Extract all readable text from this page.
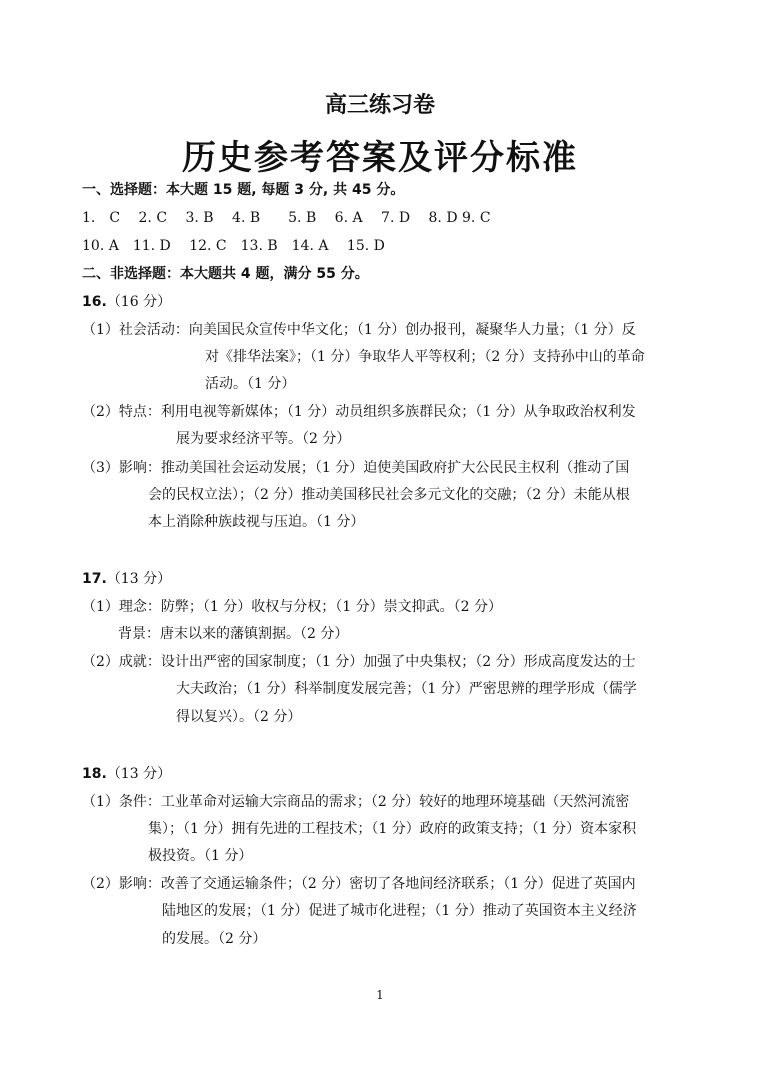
高三练习卷
历史参考答案及评分标准
一、选择题：本大题 15 题, 每题 3 分, 共 45 分。
1.　C　 2. C　 3. B　 4. B　　5. B　 6. A　 7. D　 8. D 9. C
10. A　11. D　 12. C　13. B　14. A　 15. D
二、非选择题：本大题共 4 题，满分 55 分。
16.（16 分）
（1）社会活动：向美国民众宣传中华文化；（1 分）创办报刊，凝聚华人力量；（1 分）反
对《排华法案》；（1 分）争取华人平等权利；（2 分）支持孙中山的革命
活动。（1 分）
（2）特点：利用电视等新媒体；（1 分）动员组织多族群民众；（1 分）从争取政治权利发
展为要求经济平等。（2 分）
（3）影响：推动美国社会运动发展；（1 分）迫使美国政府扩大公民民主权利（推动了国
会的民权立法）；（2 分）推动美国移民社会多元文化的交融；（2 分）未能从根
本上消除种族歧视与压迫。（1 分）
17.（13 分）
（1）理念：防弊；（1 分）收权与分权；（1 分）崇文抑武。（2 分）
背景：唐末以来的藩镇割据。（2 分）
（2）成就：设计出严密的国家制度；（1 分）加强了中央集权；（2 分）形成高度发达的士
大夫政治；（1 分）科举制度发展完善；（1 分）严密思辨的理学形成（儒学
得以复兴）。（2 分）
18.（13 分）
（1）条件：工业革命对运输大宗商品的需求；（2 分）较好的地理环境基础（天然河流密
集）；（1 分）拥有先进的工程技术；（1 分）政府的政策支持；（1 分）资本家积
极投资。（1 分）
（2）影响：改善了交通运输条件；（2 分）密切了各地间经济联系；（1 分）促进了英国内
陆地区的发展；（1 分）促进了城市化进程；（1 分）推动了英国资本主义经济
的发展。（2 分）
1
